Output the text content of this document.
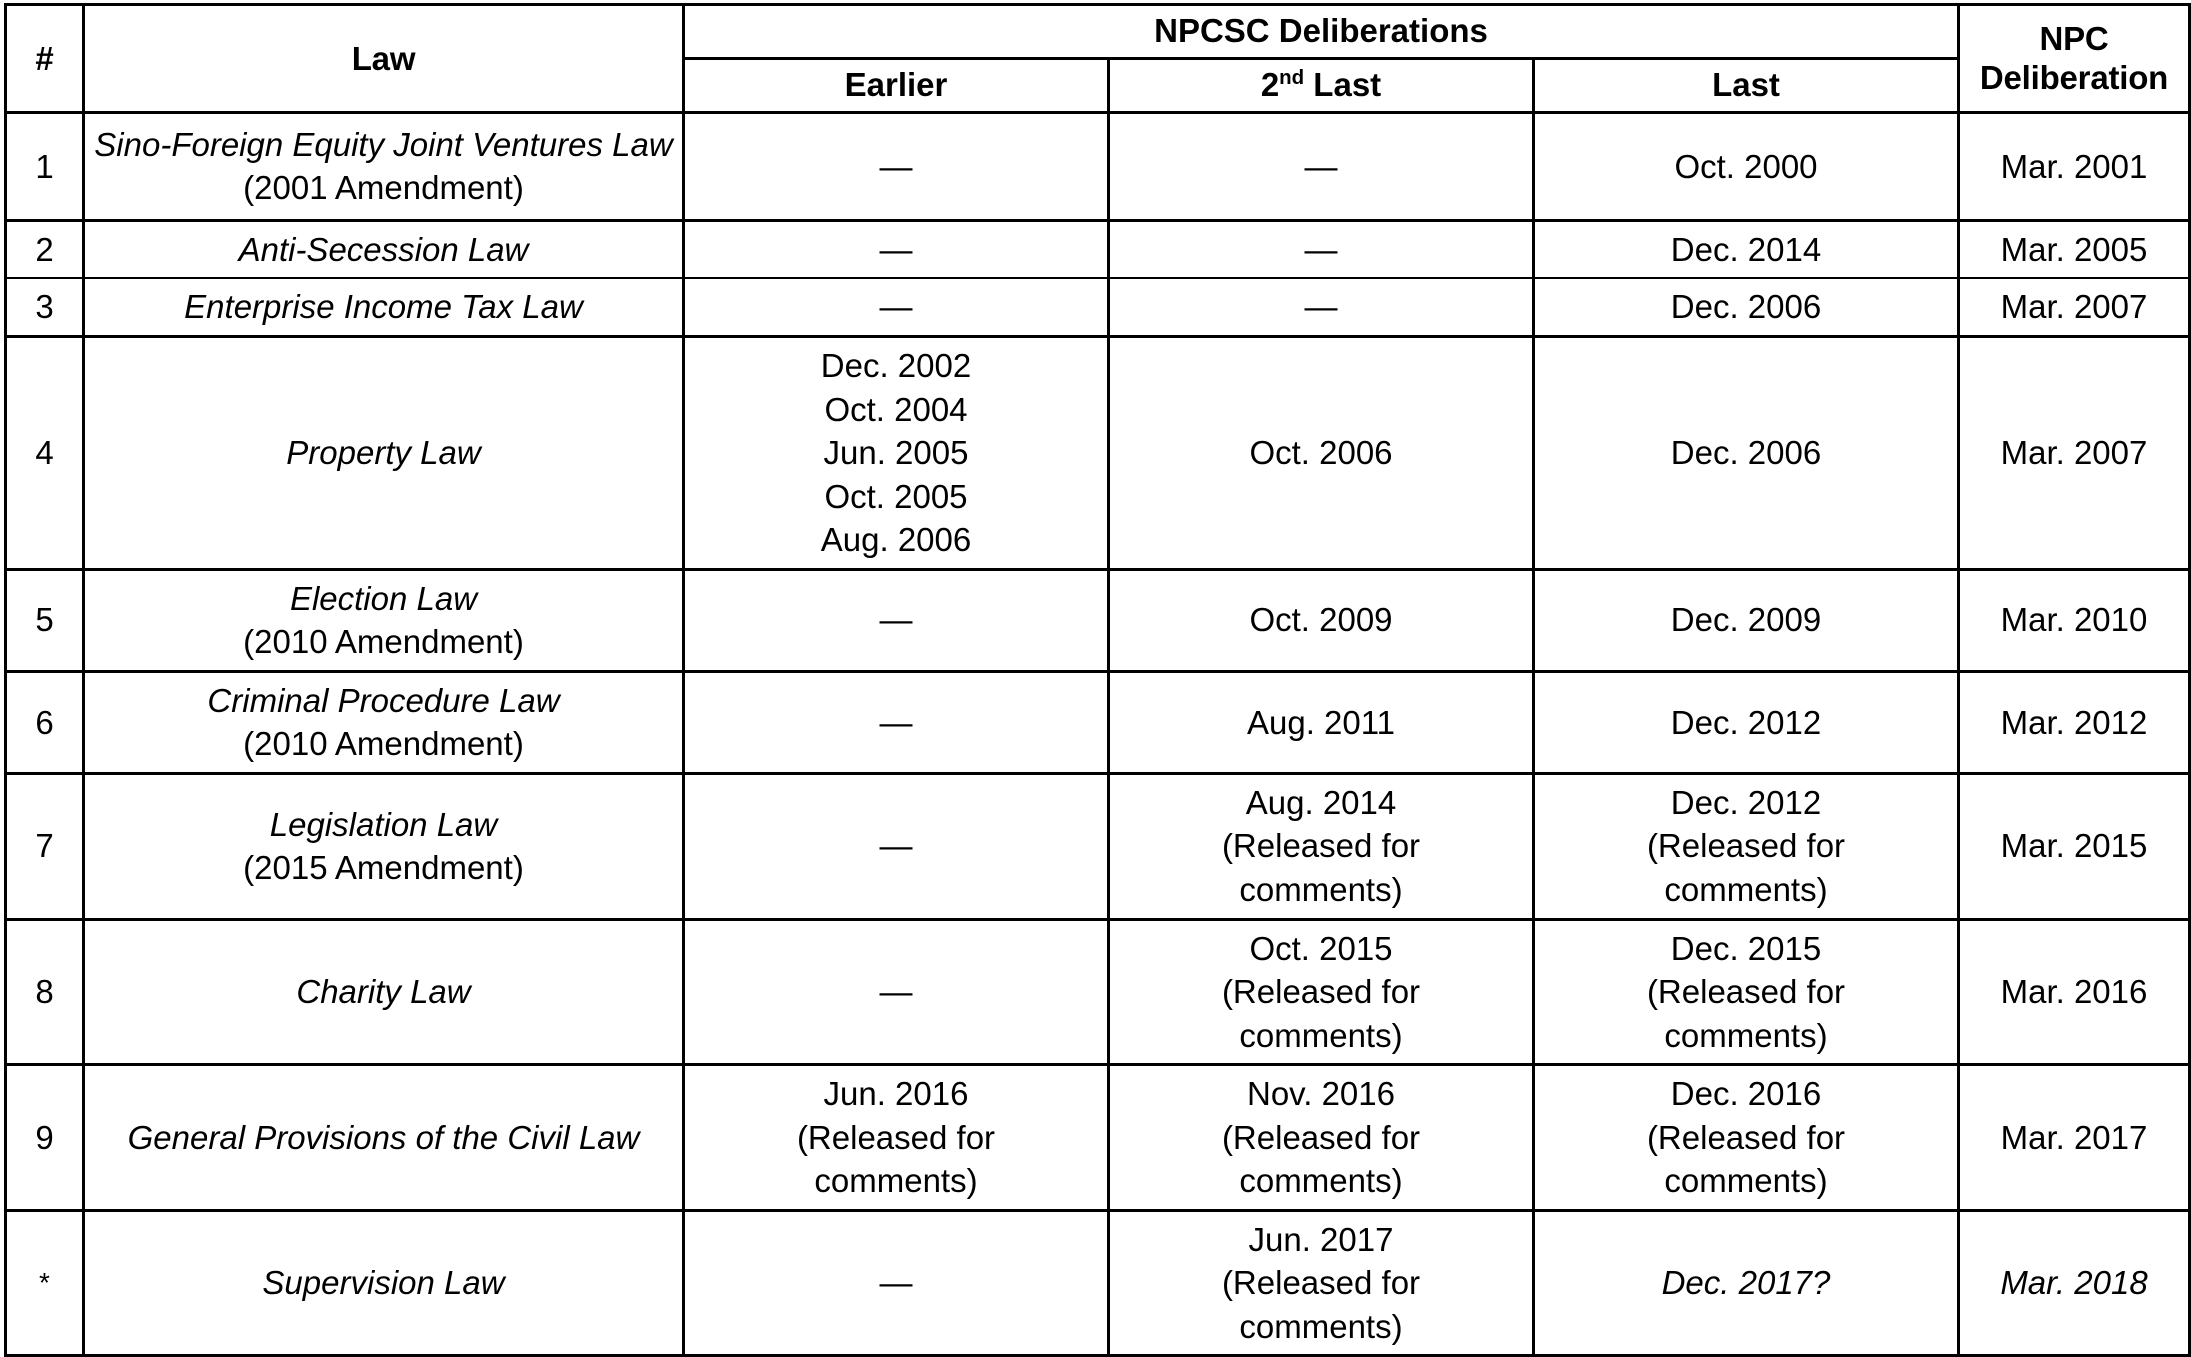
#	Law	NPCSC Deliberations			NPC
Deliberation
		Earlier	2nd Last	Last	
1	Sino-Foreign Equity Joint Ventures Law
(2001 Amendment)	—	—	Oct. 2000	Mar. 2001

2	Anti-Secession Law	—	—	Dec. 2014	Mar. 2005

3	Enterprise Income Tax Law	—	—	Dec. 2006	Mar. 2007

4	Property Law	Dec. 2002
Oct. 2004
Jun. 2005
Oct. 2005
Aug. 2006	Oct. 2006	Dec. 2006	Mar. 2007

5	Election Law
(2010 Amendment)	—	Oct. 2009	Dec. 2009	Mar. 2010

6	Criminal Procedure Law
(2010 Amendment)	—	Aug. 2011	Dec. 2012	Mar. 2012

7	Legislation Law
(2015 Amendment)	—	Aug. 2014
(Released for
comments)	Dec. 2012
(Released for
comments)	Mar. 2015

8	Charity Law	—	Oct. 2015
(Released for
comments)	Dec. 2015
(Released for
comments)	Mar. 2016

9	General Provisions of the Civil Law	Jun. 2016
(Released for
comments)	Nov. 2016
(Released for
comments)	Dec. 2016
(Released for
comments)	Mar. 2017

*	Supervision Law	—	Jun. 2017
(Released for
comments)	Dec. 2017?	Mar. 2018
